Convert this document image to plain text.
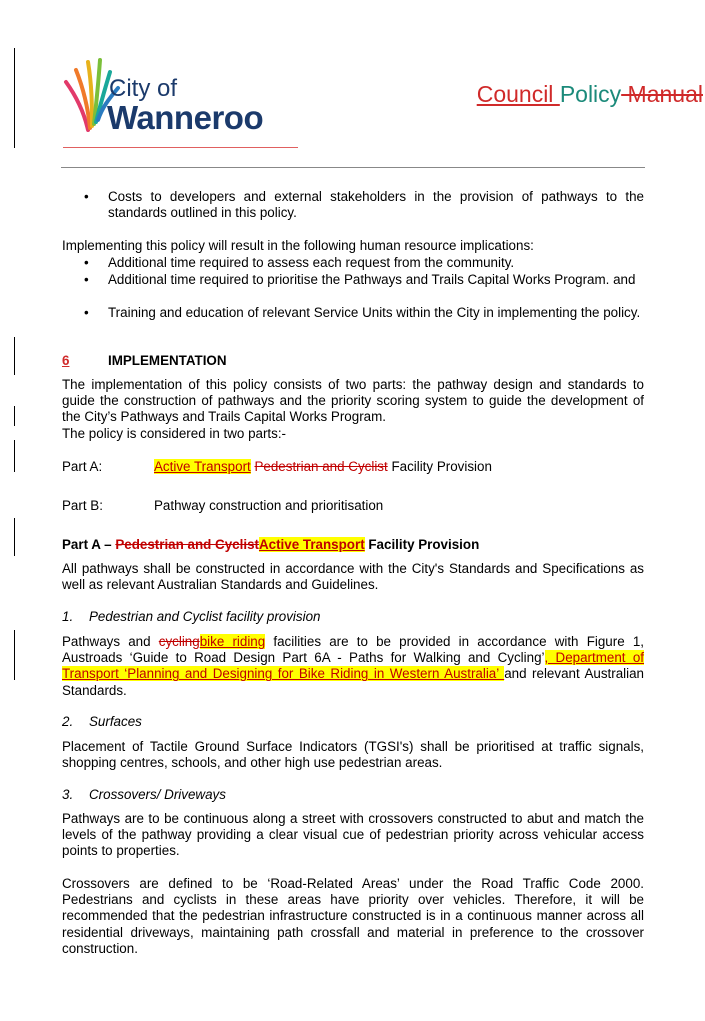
City of
Wanneroo
Council Policy Manual
• Costs to developers and external stakeholders in the provision of pathways to the standards outlined in this policy.
Implementing this policy will result in the following human resource implications:
• Additional time required to assess each request from the community.
• Additional time required to prioritise the Pathways and Trails Capital Works Program. and
• Training and education of relevant Service Units within the City in implementing the policy.
6	IMPLEMENTATION
The implementation of this policy consists of two parts: the pathway design and standards to guide the construction of pathways and the priority scoring system to guide the development of the City’s Pathways and Trails Capital Works Program.
The policy is considered in two parts:-
Part A:	Active Transport Pedestrian and Cyclist Facility Provision
Part B:	Pathway construction and prioritisation
Part A – Pedestrian and CyclistActive Transport Facility Provision
All pathways shall be constructed in accordance with the City's Standards and Specifications as well as relevant Australian Standards and Guidelines.
1. Pedestrian and Cyclist facility provision
Pathways and cyclingbike riding facilities are to be provided in accordance with Figure 1, Austroads ‘Guide to Road Design Part 6A - Paths for Walking and Cycling’, Department of Transport ‘Planning and Designing for Bike Riding in Western Australia’ and relevant Australian Standards.
2. Surfaces
Placement of Tactile Ground Surface Indicators (TGSI's) shall be prioritised at traffic signals, shopping centres, schools, and other high use pedestrian areas.
3. Crossovers/ Driveways
Pathways are to be continuous along a street with crossovers constructed to abut and match the levels of the pathway providing a clear visual cue of pedestrian priority across vehicular access points to properties.
Crossovers are defined to be ‘Road-Related Areas’ under the Road Traffic Code 2000. Pedestrians and cyclists in these areas have priority over vehicles. Therefore, it will be recommended that the pedestrian infrastructure constructed is in a continuous manner across all residential driveways, maintaining path crossfall and material in preference to the crossover construction.
